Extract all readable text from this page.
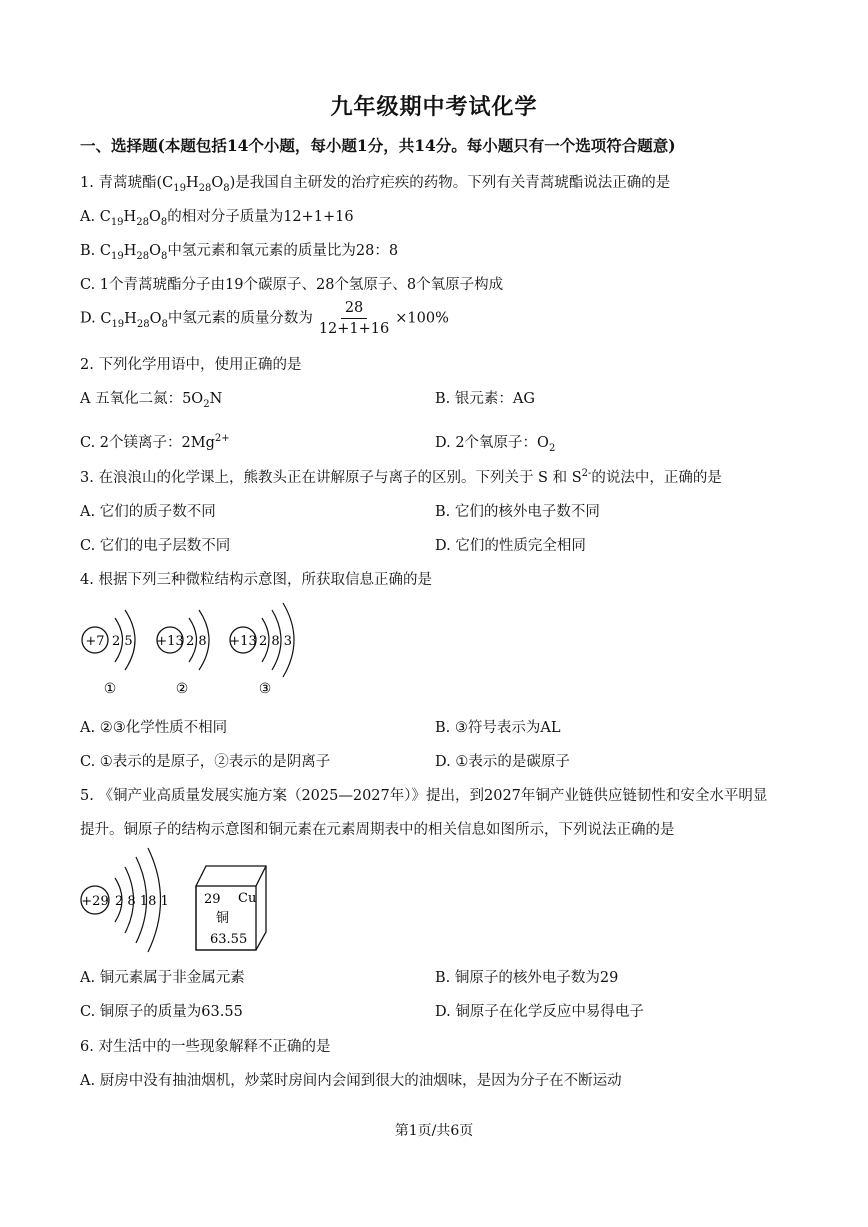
九年级期中考试化学
一、选择题(本题包括14个小题，每小题1分，共14分。每小题只有一个选项符合题意)
1. 青蒿琥酯$(C_{19}H_{28}O_8)$是我国自主研发的治疗疟疾的药物。下列有关青蒿琥酯说法正确的是
A. $C_{19}H_{28}O_8$的相对分子质量为12+1+16
B. $C_{19}H_{28}O_8$中氢元素和氧元素的质量比为28：8
C. 1个青蒿琥酯分子由19个碳原子、28个氢原子、8个氧原子构成
D. $C_{19}H_{28}O_8$中氢元素的质量分数为 $\frac{28}{12+1+16} \times 100\%$
2. 下列化学用语中，使用正确的是
A 五氧化二氮：$5O_2N$	B. 银元素：AG
C. 2个镁离子：$2Mg^{2+}$	D. 2个氧原子：$O_2$
3. 在浪浪山的化学课上，熊教头正在讲解原子与离子的区别。下列关于 S 和 $S^{2-}$的说法中，正确的是
A. 它们的质子数不同	B. 它们的核外电子数不同
C. 它们的电子层数不同	D. 它们的性质完全相同
4. 根据下列三种微粒结构示意图，所获取信息正确的是
+7 2 5
①
+13 2 8
②
+13 2 8 3
③
A. ②③化学性质不相同	B. ③符号表示为AL
C. ①表示的是原子，②表示的是阴离子	D. ①表示的是碳原子
5. 《铜产业高质量发展实施方案（2025—2027年）》提出，到2027年铜产业链供应链韧性和安全水平明显
提升。铜原子的结构示意图和铜元素在元素周期表中的相关信息如图所示，下列说法正确的是
+29 2 8 18 1	29 Cu
铜
63.55
A. 铜元素属于非金属元素	B. 铜原子的核外电子数为29
C. 铜原子的质量为63.55	D. 铜原子在化学反应中易得电子
6. 对生活中的一些现象解释不正确的是
A. 厨房中没有抽油烟机，炒菜时房间内会闻到很大的油烟味，是因为分子在不断运动
第1页/共6页
